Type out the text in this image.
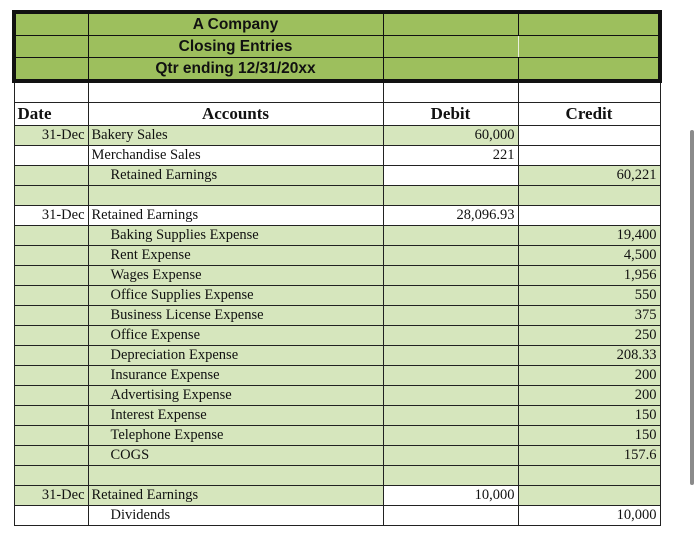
	A Company		
	Closing Entries		
	Qtr ending 12/31/20xx		

Date	Accounts	Debit	Credit
31-Dec	Bakery Sales	60,000	
	Merchandise Sales	221	
	Retained Earnings		60,221

31-Dec	Retained Earnings	28,096.93	
	Baking Supplies Expense		19,400
	Rent Expense		4,500
	Wages Expense		1,956
	Office Supplies Expense		550
	Business License Expense		375
	Office Expense		250
	Depreciation Expense		208.33
	Insurance Expense		200
	Advertising Expense		200
	Interest Expense		150
	Telephone Expense		150
	COGS		157.6

31-Dec	Retained Earnings	10,000	
	Dividends		10,000
